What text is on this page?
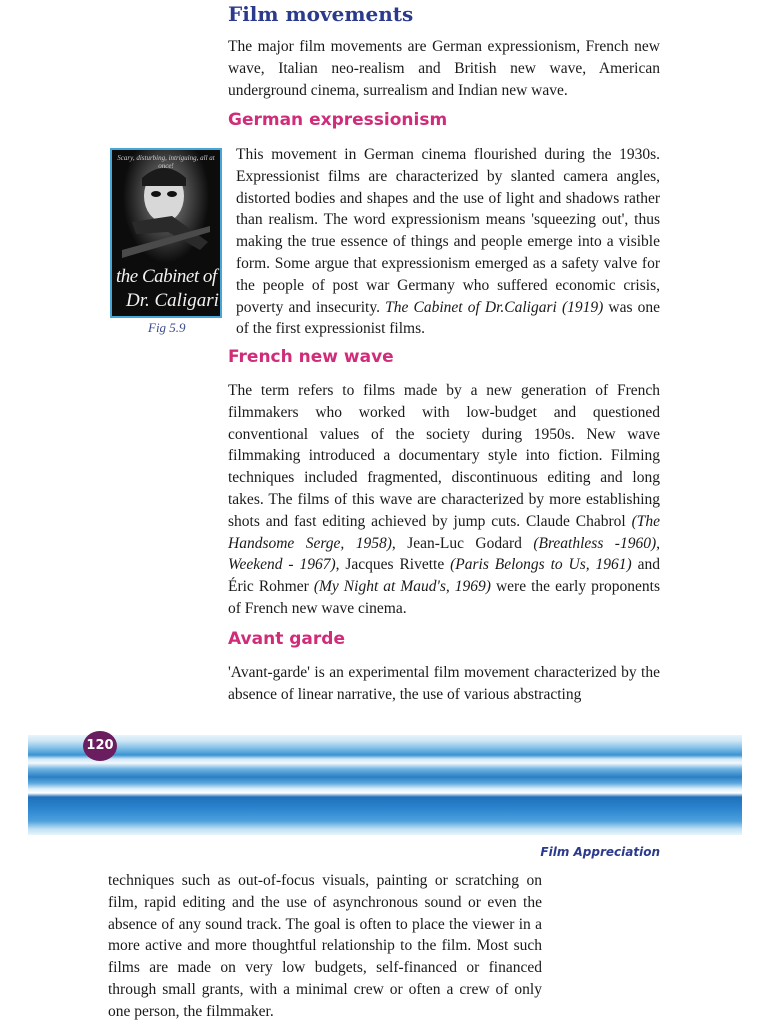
Film movements

The major film movements are German expressionism, French new wave, Italian neo-realism and British new wave, American underground cinema, surrealism and Indian new wave.

German expressionism
Scary, disturbing, intriguing, all at once!
the Cabinet of
Dr. Caligari
Fig 5.9

This movement in German cinema flourished during the 1930s. Expressionist films are characterized by slanted camera angles, distorted bodies and shapes and the use of light and shadows rather than realism. The word expressionism means 'squeezing out', thus making the true essence of things and people emerge into a visible form. Some argue that expressionism emerged as a safety valve for the people of post war Germany who suffered economic crisis, poverty and insecurity. The Cabinet of Dr.Caligari (1919) was one of the first expressionist films.

French new wave

The term refers to films made by a new generation of French filmmakers who worked with low-budget and questioned conventional values of the society during 1950s. New wave filmmaking introduced a documentary style into fiction. Filming techniques included fragmented, discontinuous editing and long takes. The films of this wave are characterized by more establishing shots and fast editing achieved by jump cuts. Claude Chabrol (The Handsome Serge, 1958), Jean-Luc Godard (Breathless -1960), Weekend - 1967), Jacques Rivette (Paris Belongs to Us, 1961) and Éric Rohmer (My Night at Maud's, 1969) were the early proponents of French new wave cinema.

Avant garde

'Avant-garde' is an experimental film movement characterized by the absence of linear narrative, the use of various abstracting

120
Film Appreciation

techniques such as out-of-focus visuals, painting or scratching on film, rapid editing and the use of asynchronous sound or even the absence of any sound track. The goal is often to place the viewer in a more active and more thoughtful relationship to the film. Most such films are made on very low budgets, self-financed or financed through small grants, with a minimal crew or often a crew of only one person, the filmmaker.
